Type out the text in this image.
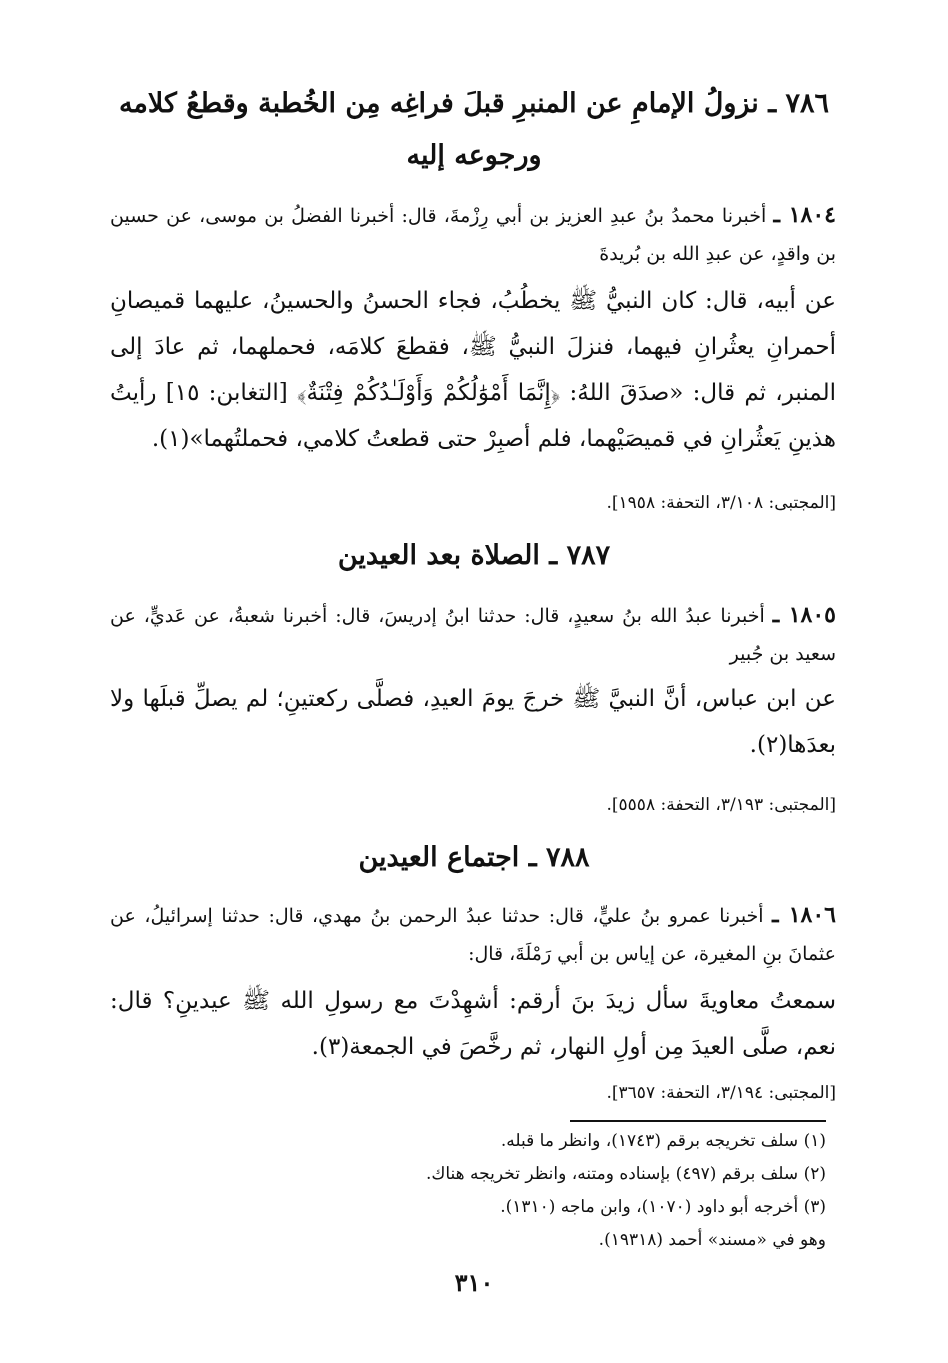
٧٨٦ ـ نزولُ الإمامِ عن المنبرِ قبلَ فراغِه مِن الخُطبة وقطعُ كلامه
ورجوعه إليه
١٨٠٤ ـ أخبرنا محمدُ بنُ عبدِ العزيز بن أبي رِزْمةَ، قال: أخبرنا الفضلُ بن موسى، عن حسين بن واقدٍ، عن عبدِ الله بن بُريدةَ
عن أبيه، قال: كان النبيُّ ﷺ يخطُبُ، فجاء الحسنُ والحسينُ، عليهما قميصانِ أحمرانِ يعثُرانِ فيهما، فنزلَ النبيُّ ﷺ، فقطعَ كلامَه، فحملهما، ثم عادَ إلى المنبر، ثم قال: «صدَقَ اللهُ: ﴿إِنَّمَا أَمْوَٰلُكُمْ وَأَوْلَـٰدُكُمْ فِتْنَةٌ﴾ [التغابن: ١٥] رأيتُ هذينِ يَعثُرانِ في قميصَيْهما، فلم أصبِرْ حتى قطعتُ كلامي، فحملتُهما»(١).
[المجتبى: ٣/١٠٨، التحفة: ١٩٥٨].
٧٨٧ ـ الصلاة بعد العيدين
١٨٠٥ ـ أخبرنا عبدُ الله بنُ سعيدٍ، قال: حدثنا ابنُ إدريسَ، قال: أخبرنا شعبةُ، عن عَديٍّ، عن سعيد بن جُبير
عن ابن عباس، أنَّ النبيَّ ﷺ خرجَ يومَ العيدِ، فصلَّى ركعتينِ؛ لم يصلِّ قبلَها ولا بعدَها(٢).
[المجتبى: ٣/١٩٣، التحفة: ٥٥٥٨].
٧٨٨ ـ اجتماع العيدين
١٨٠٦ ـ أخبرنا عمرو بنُ عليٍّ، قال: حدثنا عبدُ الرحمن بنُ مهدي، قال: حدثنا إسرائيلُ، عن عثمانَ بنِ المغيرة، عن إياس بن أبي رَمْلَةَ، قال:
سمعتُ معاويةَ سأل زيدَ بنَ أرقم: أشهِدْتَ مع رسولِ الله ﷺ عيدينِ؟ قال: نعم، صلَّى العيدَ مِن أولِ النهار، ثم رخَّصَ في الجمعة(٣).
[المجتبى: ٣/١٩٤، التحفة: ٣٦٥٧].
(١) سلف تخريجه برقم (١٧٤٣)، وانظر ما قبله.
(٢) سلف برقم (٤٩٧) بإسناده ومتنه، وانظر تخريجه هناك.
(٣) أخرجه أبو داود (١٠٧٠)، وابن ماجه (١٣١٠).
وهو في «مسند» أحمد (١٩٣١٨).
٣١٠
